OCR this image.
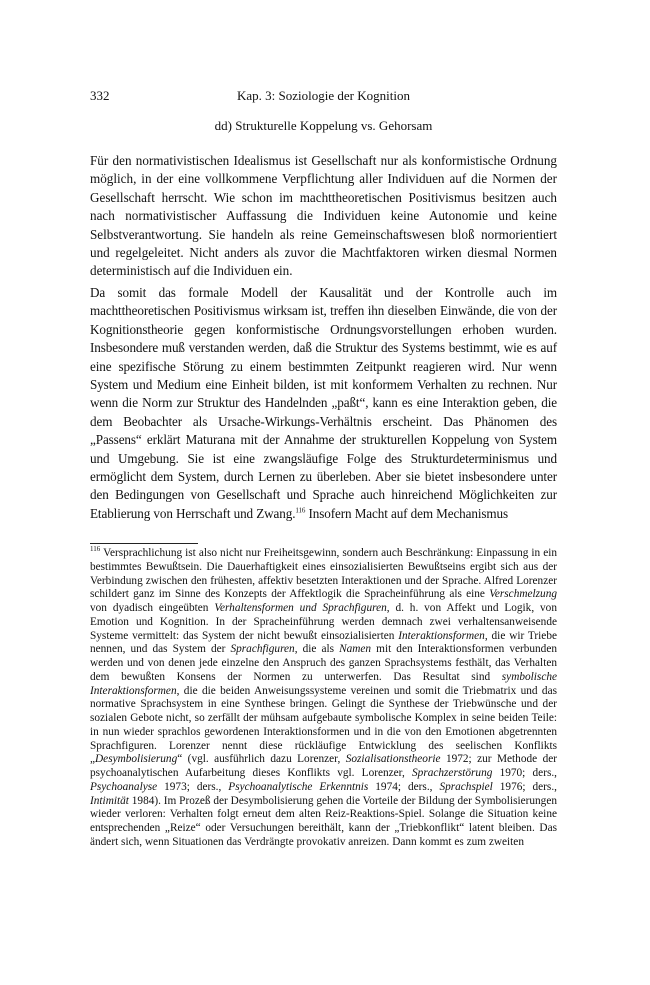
332	Kap. 3: Soziologie der Kognition
dd) Strukturelle Koppelung vs. Gehorsam

Für den normativistischen Idealismus ist Gesellschaft nur als konformistische Ordnung möglich, in der eine vollkommene Verpflichtung aller Individuen auf die Normen der Gesellschaft herrscht. Wie schon im machttheoretischen Positivismus besitzen auch nach normativistischer Auffassung die Individuen keine Autonomie und keine Selbstverantwortung. Sie handeln als reine Gemeinschaftswesen bloß normorientiert und regelgeleitet. Nicht anders als zuvor die Machtfaktoren wirken diesmal Normen deterministisch auf die Individuen ein.

Da somit das formale Modell der Kausalität und der Kontrolle auch im machttheoretischen Positivismus wirksam ist, treffen ihn dieselben Einwände, die von der Kognitionstheorie gegen konformistische Ordnungsvorstellungen erhoben wurden. Insbesondere muß verstanden werden, daß die Struktur des Systems bestimmt, wie es auf eine spezifische Störung zu einem bestimmten Zeitpunkt reagieren wird. Nur wenn System und Medium eine Einheit bilden, ist mit konformem Verhalten zu rechnen. Nur wenn die Norm zur Struktur des Handelnden „paßt“, kann es eine Interaktion geben, die dem Beobachter als Ursache-Wirkungs-Verhältnis erscheint. Das Phänomen des „Passens“ erklärt Maturana mit der Annahme der strukturellen Koppelung von System und Umgebung. Sie ist eine zwangsläufige Folge des Strukturdeterminismus und ermöglicht dem System, durch Lernen zu überleben. Aber sie bietet insbesondere unter den Bedingungen von Gesellschaft und Sprache auch hinreichend Möglichkeiten zur Etablierung von Herrschaft und Zwang.$^{116}$ Insofern Macht auf dem Mechanismus

$^{116}$ Versprachlichung ist also nicht nur Freiheitsgewinn, sondern auch Beschränkung: Einpassung in ein bestimmtes Bewußtsein. Die Dauerhaftigkeit eines einsozialisierten Bewußtseins ergibt sich aus der Verbindung zwischen den frühesten, affektiv besetzten Interaktionen und der Sprache. Alfred Lorenzer schildert ganz im Sinne des Konzepts der Affektlogik die Spracheinführung als eine Verschmelzung von dyadisch eingeübten Verhaltensformen und Sprachfiguren, d. h. von Affekt und Logik, von Emotion und Kognition. In der Spracheinführung werden demnach zwei verhaltensanweisende Systeme vermittelt: das System der nicht bewußt einsozialisierten Interaktionsformen, die wir Triebe nennen, und das System der Sprachfiguren, die als Namen mit den Interaktionsformen verbunden werden und von denen jede einzelne den Anspruch des ganzen Sprachsystems festhält, das Verhalten dem bewußten Konsens der Normen zu unterwerfen. Das Resultat sind symbolische Interaktionsformen, die die beiden Anweisungssysteme vereinen und somit die Triebmatrix und das normative Sprachsystem in eine Synthese bringen. Gelingt die Synthese der Triebwünsche und der sozialen Gebote nicht, so zerfällt der mühsam aufgebaute symbolische Komplex in seine beiden Teile: in nun wieder sprachlos gewordenen Interaktionsformen und in die von den Emotionen abgetrennten Sprachfiguren. Lorenzer nennt diese rückläufige Entwicklung des seelischen Konflikts „Desymbolisierung“ (vgl. ausführlich dazu Lorenzer, Sozialisationstheorie 1972; zur Methode der psychoanalytischen Aufarbeitung dieses Konflikts vgl. Lorenzer, Sprachzerstörung 1970; ders., Psychoanalyse 1973; ders., Psychoanalytische Erkenntnis 1974; ders., Sprachspiel 1976; ders., Intimität 1984). Im Prozeß der Desymbolisierung gehen die Vorteile der Bildung der Symbolisierungen wieder verloren: Verhalten folgt erneut dem alten Reiz-Reaktions-Spiel. Solange die Situation keine entsprechenden „Reize“ oder Versuchungen bereithält, kann der „Triebkonflikt“ latent bleiben. Das ändert sich, wenn Situationen das Verdrängte provokativ anreizen. Dann kommt es zum zweiten
